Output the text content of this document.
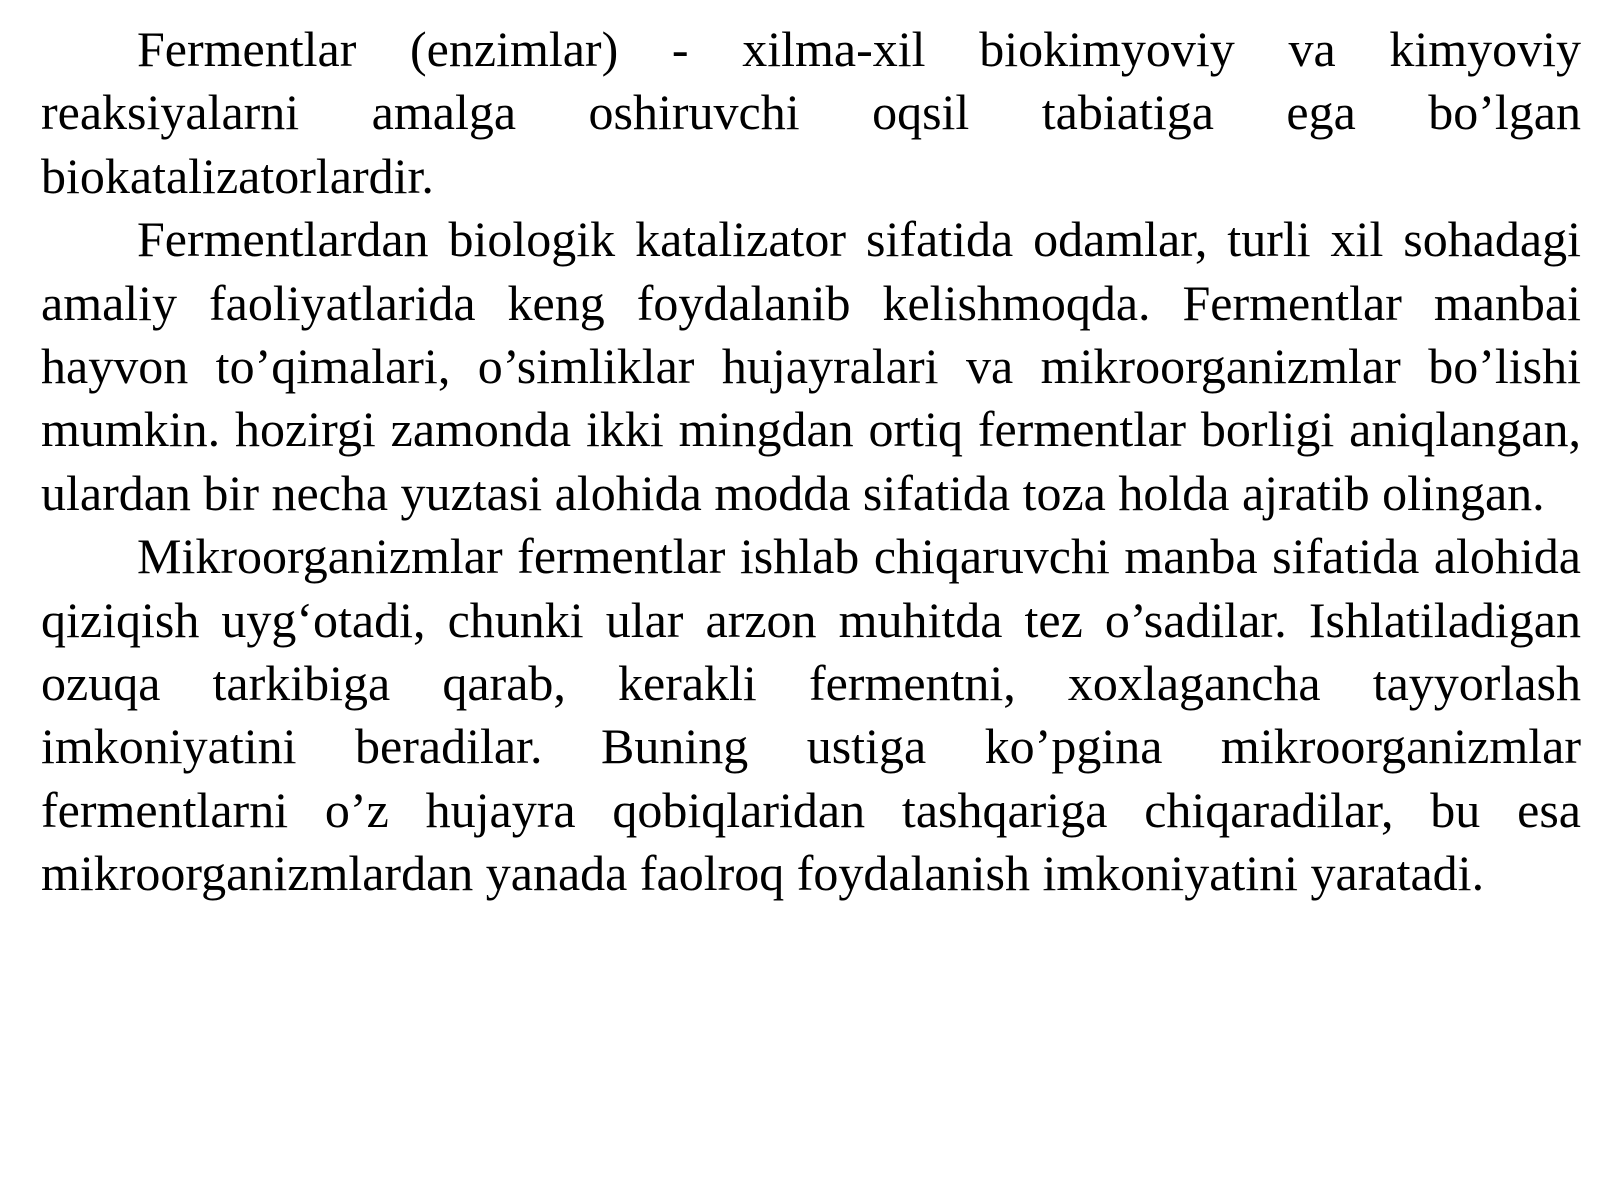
Fermentlar (enzimlar) - xilma-xil biokimyoviy va kimyoviy reaksiyalarni amalga oshiruvchi oqsil tabiatiga ega bo’lgan biokatalizatorlardir.

Fermentlardan biologik katalizator sifatida odamlar, turli xil sohadagi amaliy faoliyatlarida keng foydalanib kelishmoqda. Fermentlar manbai hayvon to’qimalari, o’simliklar hujayralari va mikroorganizmlar bo’lishi mumkin. hozirgi zamonda ikki mingdan ortiq fermentlar borligi aniqlangan, ulardan bir necha yuztasi alohida modda sifatida toza holda ajratib olingan.

Mikroorganizmlar fermentlar ishlab chiqaruvchi manba sifatida alohida qiziqish uyg‘otadi, chunki ular arzon muhitda tez o’sadilar. Ishlatiladigan ozuqa tarkibiga qarab, kerakli fermentni, xoxlagancha tayyorlash imkoniyatini beradilar. Buning ustiga ko’pgina mikroorganizmlar fermentlarni o’z hujayra qobiqlaridan tashqariga chiqaradilar, bu esa mikroorganizmlardan yanada faolroq foydalanish imkoniyatini yaratadi.
